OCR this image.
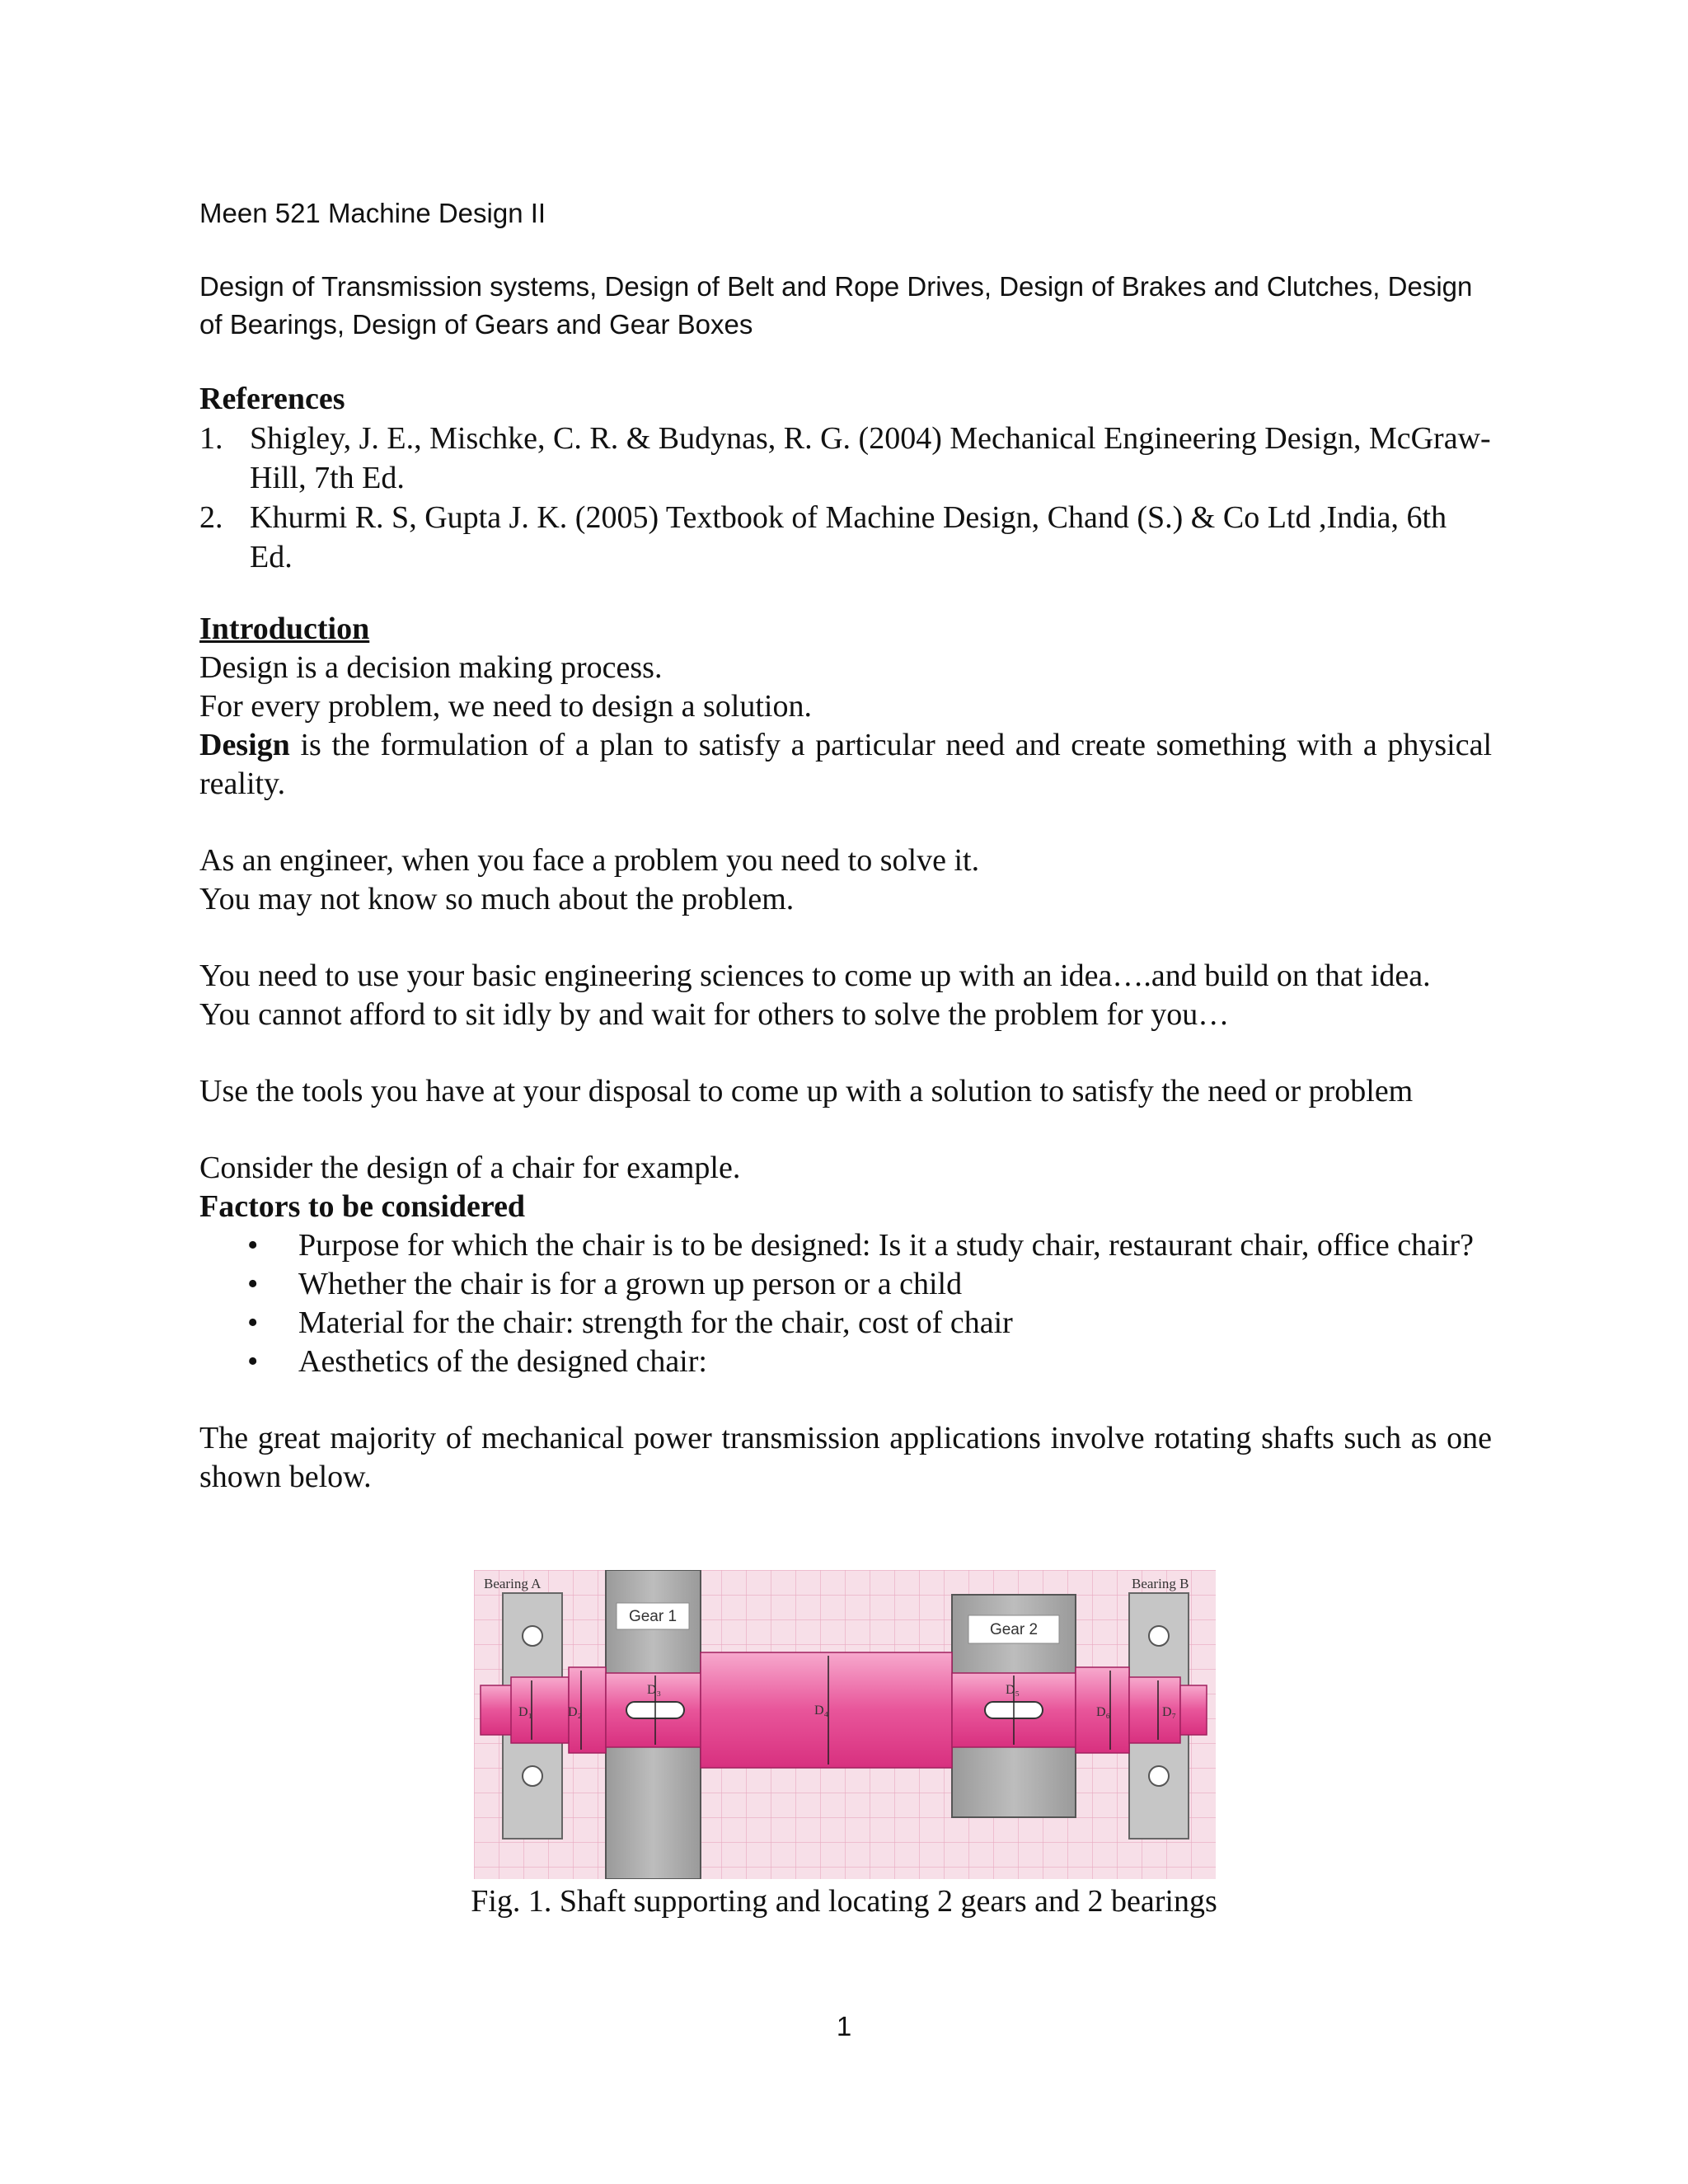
Meen 521 Machine Design II
Design of Transmission systems, Design of Belt and Rope Drives, Design of Brakes and Clutches, Design of Bearings, Design of Gears and Gear Boxes
References
1. Shigley, J. E., Mischke, C. R. & Budynas, R. G. (2004) Mechanical Engineering Design, McGraw-Hill, 7th Ed.
2. Khurmi R. S, Gupta J. K. (2005) Textbook of Machine Design, Chand (S.) & Co Ltd ,India, 6th Ed.
Introduction
Design is a decision making process.
For every problem, we need to design a solution.
Design is the formulation of a plan to satisfy a particular need and create something with a physical reality.
As an engineer, when you face a problem you need to solve it.
You may not know so much about the problem.
You need to use your basic engineering sciences to come up with an idea….and build on that idea.
You cannot afford to sit idly by and wait for others to solve the problem for you…
Use the tools you have at your disposal to come up with a solution to satisfy the need or problem
Consider the design of a chair for example.
Factors to be considered
• Purpose for which the chair is to be designed: Is it a study chair, restaurant chair, office chair?
• Whether the chair is for a grown up person or a child
• Material for the chair: strength for the chair, cost of chair
• Aesthetics of the designed chair:
The great majority of mechanical power transmission applications involve rotating shafts such as one shown below.
Bearing A	Bearing B
Gear 1
Gear 2
D₁	D₂
D₃
D₄
D₅
D₆	D₇
Fig. 1. Shaft supporting and locating 2 gears and 2 bearings
1
